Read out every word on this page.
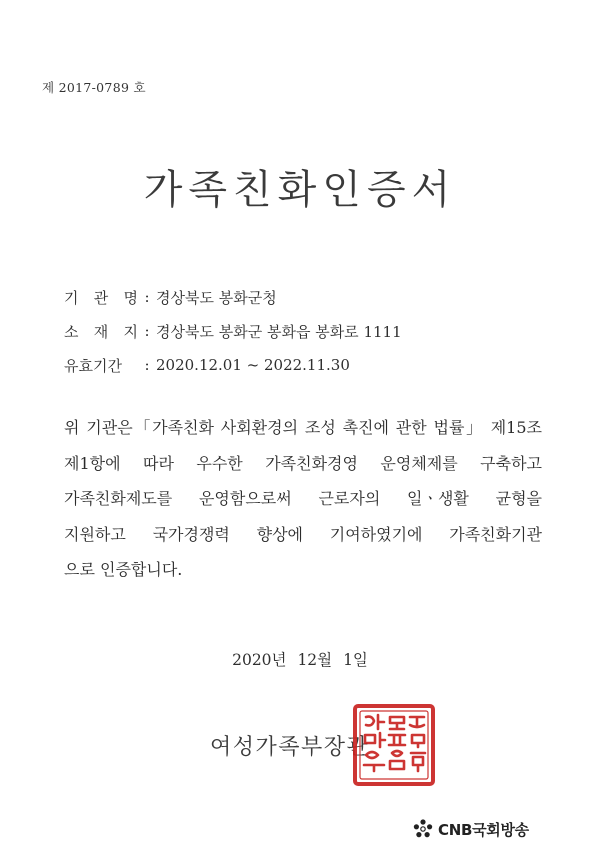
제 2017-0789 호
가족친화인증서
기 관 명 : 경상북도 봉화군청
소 재 지 : 경상북도 봉화군 봉화읍 봉화로 1111
유효기간	: 2020.12.01 ~ 2022.11.30
위 기관은「가족친화 사회환경의 조성 촉진에 관한 법률」 제15조
제1항에 따라 우수한 가족친화경영 운영체제를 구축하고
가족친화제도를 운영함으로써 근로자의 일ㆍ생활 균형을
지원하고 국가경쟁력 향상에 기여하였기에 가족친화기관
으로 인증합니다.
2020년 12월 1일
여성가족부장관
CNB국회방송
